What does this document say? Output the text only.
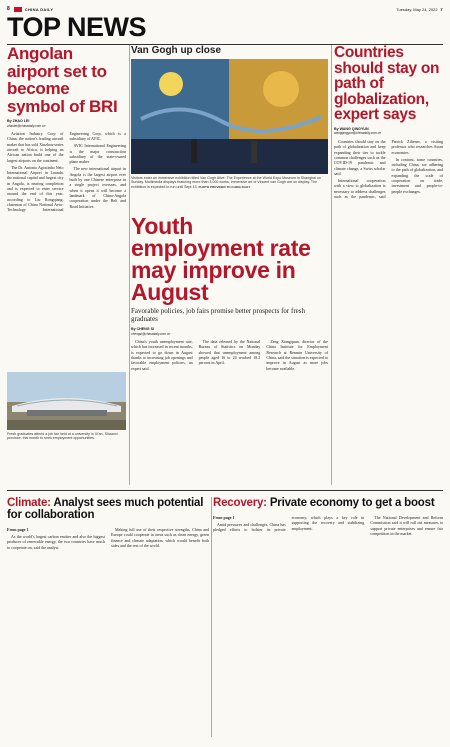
8	CHINA DAILY	Tuesday, May 24, 2022 T
TOP NEWS
Angolan airport set to become symbol of BRI
By ZHAO LEI
zhaolei@chinadaily.com.cn

Aviation Industry Corp of China, the nation's leading aircraft maker that has sold Xinzhou-series aircraft to Africa, is helping an African nation build one of the largest airports on the continent.

The Dr. Antonio Agostinho Neto International Airport in Luanda, the national capital and largest city in Angola, is nearing completion and is expected to enter service around the end of this year, according to Liu Rongqiang, chairman of China National Aero-Technology International Engineering Corp, which is a subsidiary of AVIC.

AVIC International Engineering is the major construction subsidiary of the state-owned plane maker.

The new international airport in Angola is the largest airport ever built by one Chinese enterprise in a single project overseas, and when it opens it will become a landmark of China-Angola cooperation under the Belt and Road Initiative.

Fresh graduates attend a job fair held at a university in Xi'an, Shaanxi province, this month to seek employment opportunities.
Van Gogh up close
Visitors enter an immersive exhibition titled Van Gogh Alive: The Experience at the World Expo Museum in Shanghai on Sunday. Multimedia displays featuring more than 3,000 works, immersive art of Vincent van Gogh are on display. The exhibition is expected to run until Sept 13. PHOTO PROVIDED TO CHINA DAILY
Countries should stay on path of globalization, expert says
By WANG QINGYUN
wangqingyun@chinadaily.com.cn

Countries should stay on the path of globalization and keep expanding their ties to tackle common challenges such as the COVID-19 pandemic and climate change, a Swiss scholar said.

International cooperation with a view to globalization is necessary to address challenges such as the pandemic, said Patrick Ziltener, a visiting professor who researches Asian economies.

In contrast, some countries, including China, are adhering to the path of globalization, and expanding the scale of cooperation on trade, investment and people-to-people exchanges.

Youth employment rate may improve in August
Favorable policies, job fairs promise better prospects for fresh graduates
By CHENG SI
chengsi@chinadaily.com.cn

China's youth unemployment rate, which has increased in recent months, is expected to go down in August thanks to increasing job openings and favorable employment policies, an expert said.

The data released by the National Bureau of Statistics on Monday showed that unemployment among people aged 16 to 24 reached 18.2 percent in April.

Zeng Xiangquan, director of the China Institute for Employment Research at Renmin University of China, said the situation is expected to improve in August as more jobs become available.

Climate: Analyst sees much potential for collaboration

From page 1

As the world's largest carbon emitter and also the biggest producer of renewable energy, the two countries have much to cooperate on, said the analyst.

Making full use of their respective strengths, China and Europe could cooperate in areas such as clean energy, green finance and climate adaptation, which would benefit both sides and the rest of the world.

Recovery: Private economy to get a boost

From page 1

Amid pressures and challenges, China has pledged efforts to bolster its private economy, which plays a key role in supporting the recovery and stabilizing employment.

The National Development and Reform Commission said it will roll out measures to support private enterprises and ensure fair competition in the market.
